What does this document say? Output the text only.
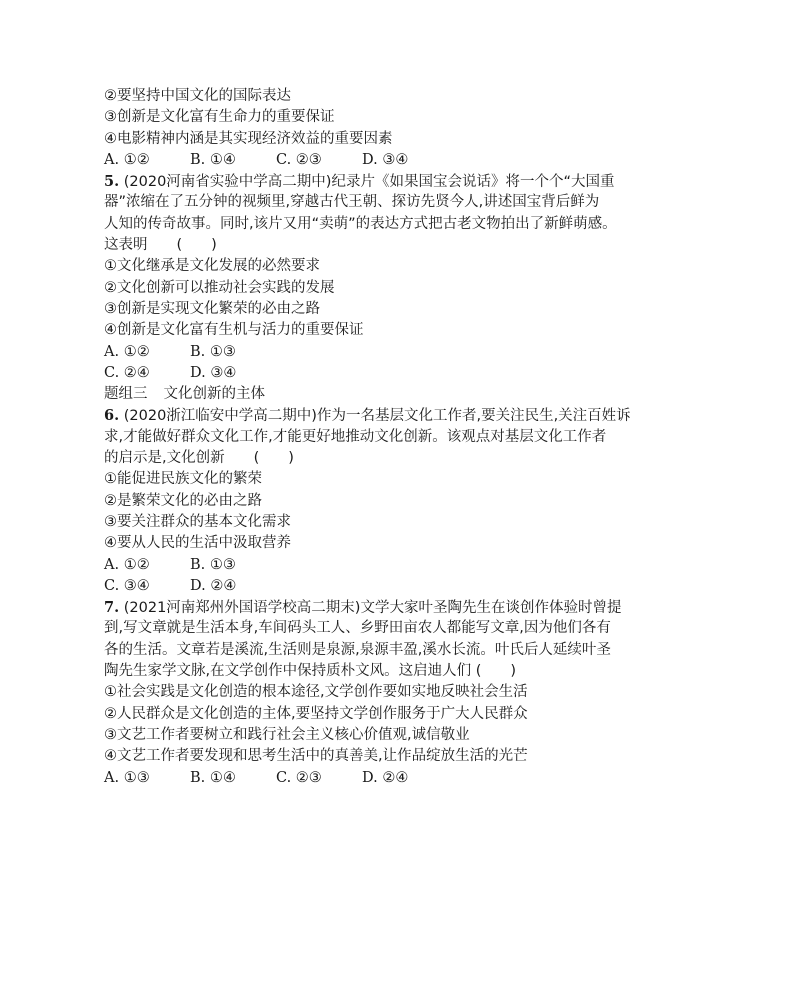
②要坚持中国文化的国际表达
③创新是文化富有生命力的重要保证
④电影精神内涵是其实现经济效益的重要因素
A. ①②	B. ①④	C. ②③	D. ③④
5. (2020河南省实验中学高二期中)纪录片《如果国宝会说话》将一个个“大国重
器”浓缩在了五分钟的视频里,穿越古代王朝、探访先贤今人,讲述国宝背后鲜为
人知的传奇故事。同时,该片又用“卖萌”的表达方式把古老文物拍出了新鲜萌感。
这表明　　(　　)
①文化继承是文化发展的必然要求
②文化创新可以推动社会实践的发展
③创新是实现文化繁荣的必由之路
④创新是文化富有生机与活力的重要保证
A. ①②	B. ①③
C. ②④	D. ③④
题组三 文化创新的主体
6. (2020浙江临安中学高二期中)作为一名基层文化工作者,要关注民生,关注百姓诉
求,才能做好群众文化工作,才能更好地推动文化创新。该观点对基层文化工作者
的启示是,文化创新　　(　　)
①能促进民族文化的繁荣
②是繁荣文化的必由之路
③要关注群众的基本文化需求
④要从人民的生活中汲取营养
A. ①②	B. ①③
C. ③④	D. ②④
7. (2021河南郑州外国语学校高二期末)文学大家叶圣陶先生在谈创作体验时曾提
到,写文章就是生活本身,车间码头工人、乡野田亩农人都能写文章,因为他们各有
各的生活。文章若是溪流,生活则是泉源,泉源丰盈,溪水长流。叶氏后人延续叶圣
陶先生家学文脉,在文学创作中保持质朴文风。这启迪人们 (　　)
①社会实践是文化创造的根本途径,文学创作要如实地反映社会生活
②人民群众是文化创造的主体,要坚持文学创作服务于广大人民群众
③文艺工作者要树立和践行社会主义核心价值观,诚信敬业
④文艺工作者要发现和思考生活中的真善美,让作品绽放生活的光芒
A. ①③	B. ①④	C. ②③	D. ②④
